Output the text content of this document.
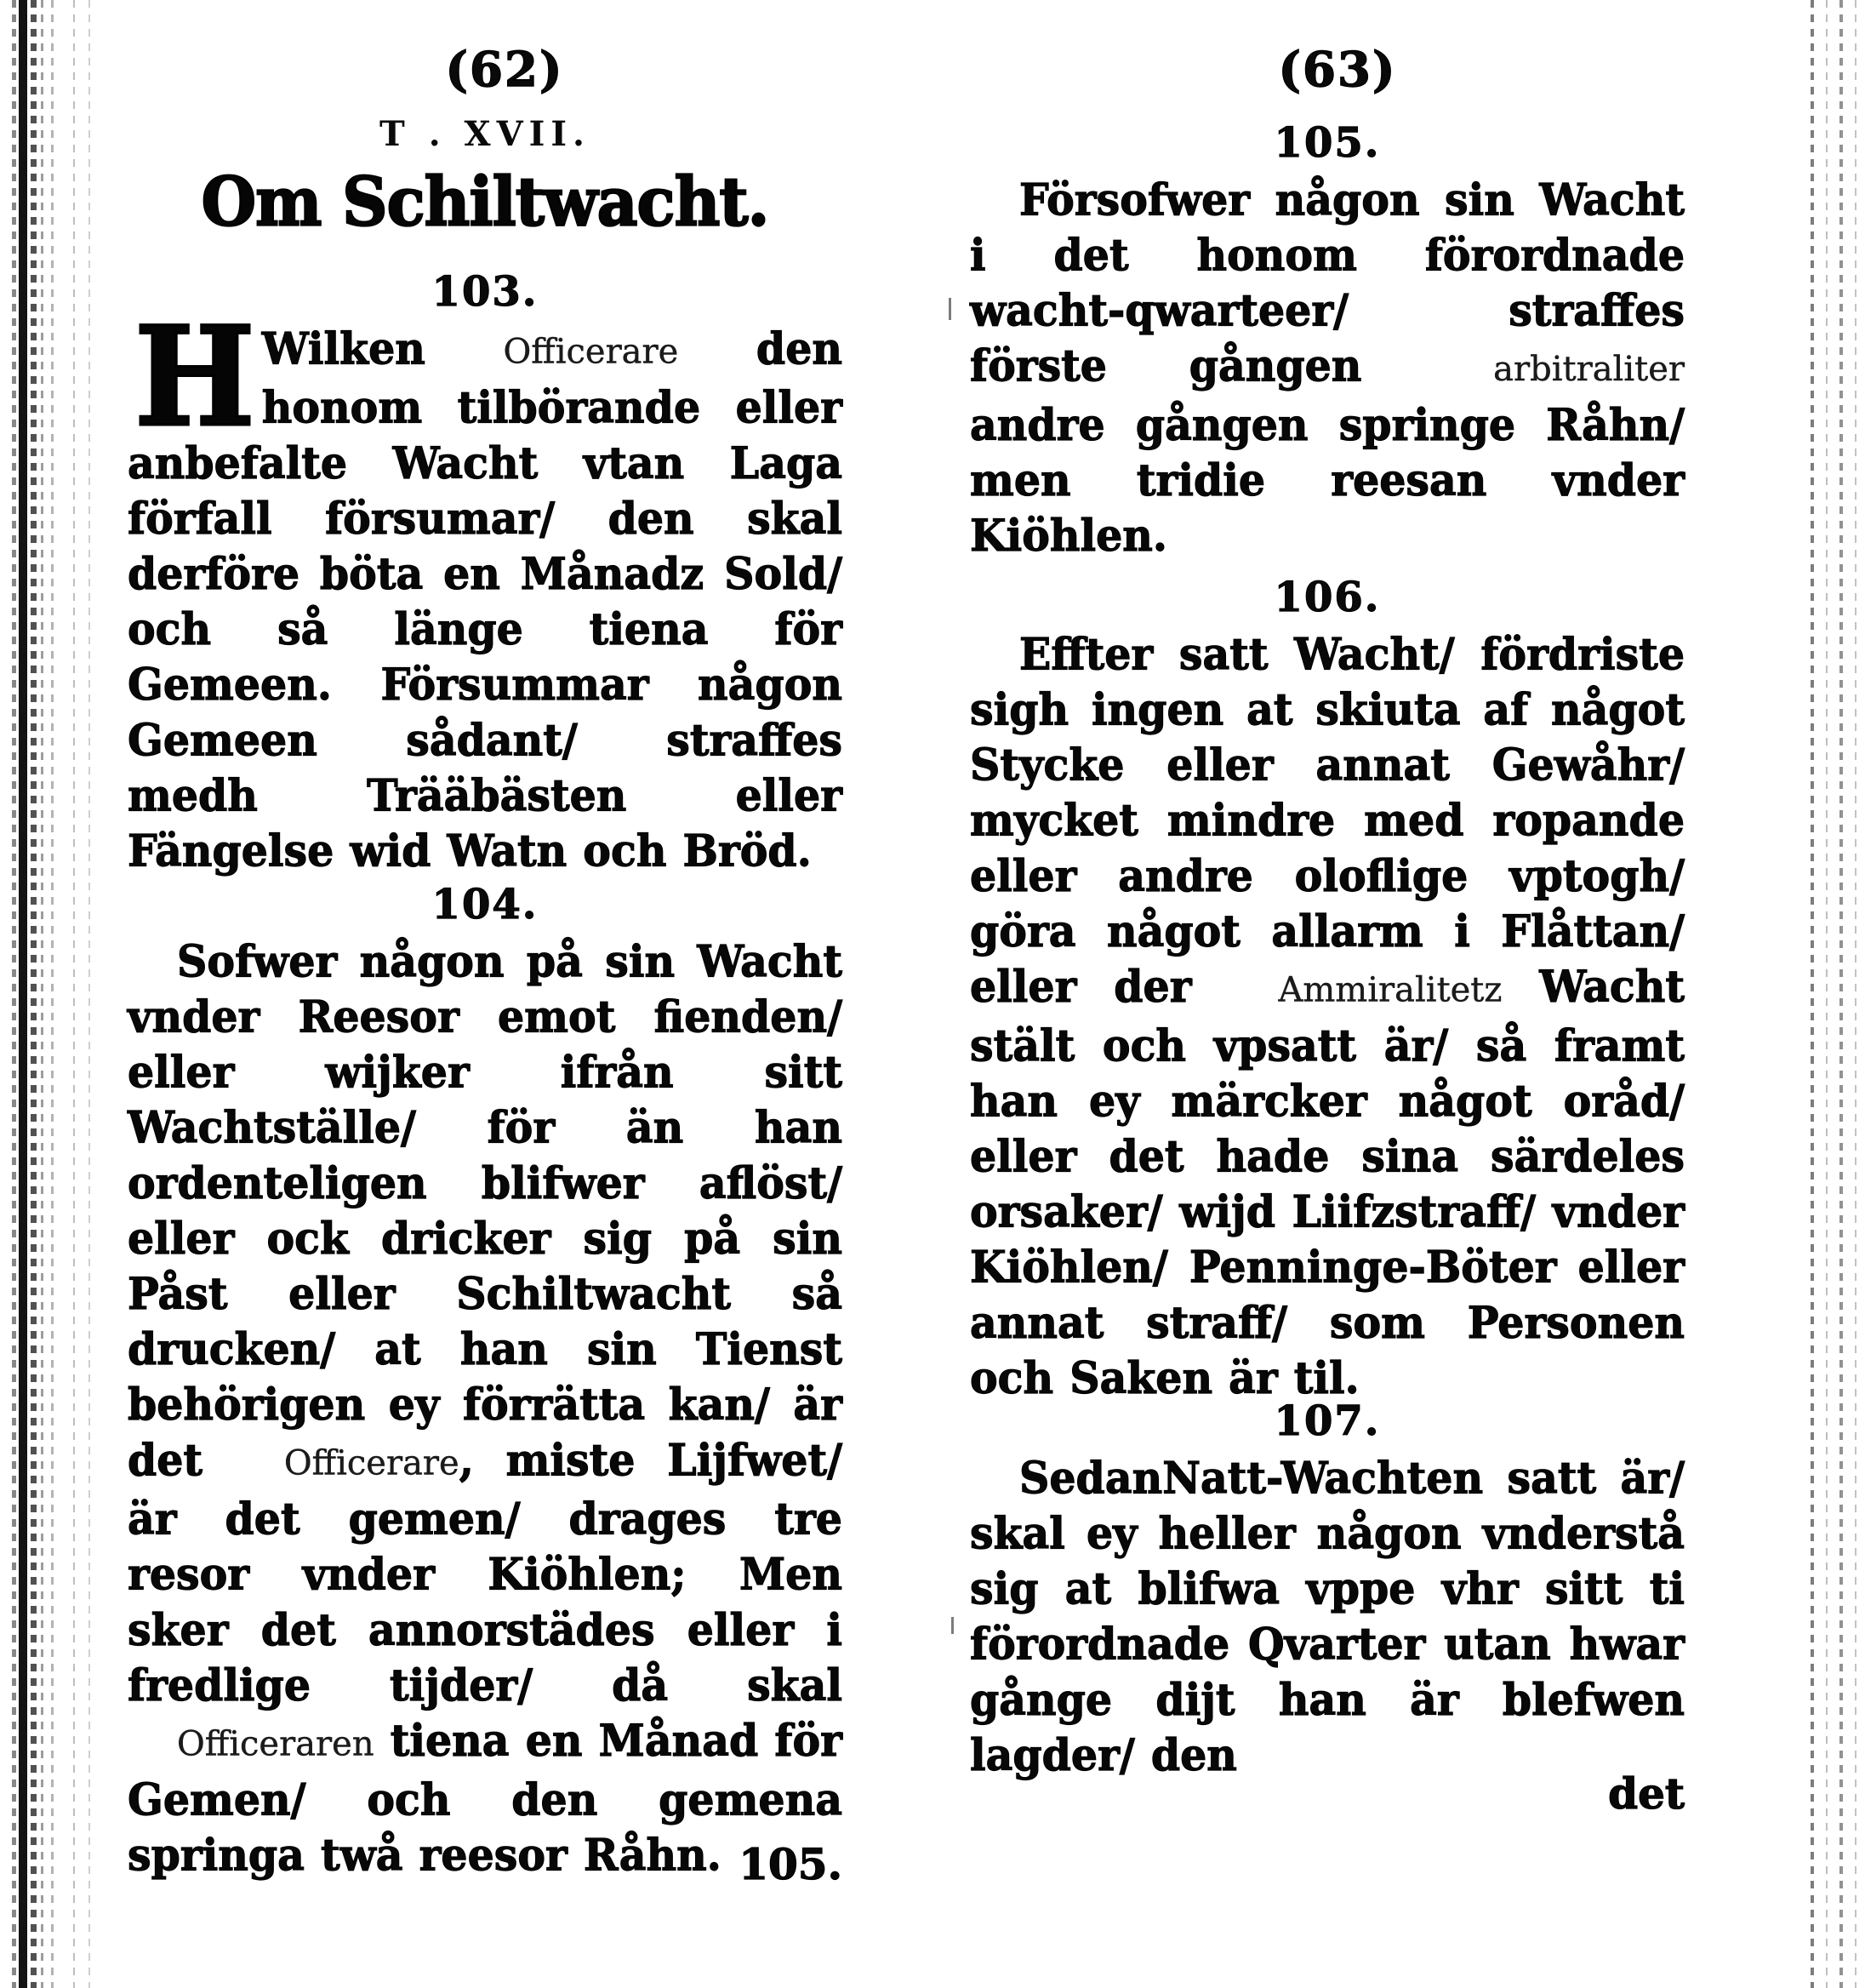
(62)
T . XVII.
Om Schiltwacht.
103.
H Wilken Officerare den honom tilbörande eller anbefalte Wacht vtan Laga förfall försumar/ den skal derföre böta en Månadz Sold/ och så länge tiena för Gemeen. Försummar någon Gemeen sådant/ straffes medh Trääbästen eller Fängelse wid Watn och Bröd.
104.
Sofwer någon på sin Wacht vnder Reesor emot fienden/ eller wijker ifrån sitt Wachtställe/ för än han ordenteligen blifwer aflöst/ eller ock dricker sig på sin Påst eller Schiltwacht så drucken/ at han sin Tienst behörigen ey förrätta kan/ är det Officerare, miste Lijfwet/ är det gemen/ drages tre resor vnder Kiöhlen; Men sker det annorstädes eller i fredlige tijder/ då skal Officeraren tiena en Månad för Gemen/ och den gemena springa twå reesor Råhn. 105.
(63)
105.
Försofwer någon sin Wacht i det honom förordnade wacht-qwarteer/ straffes förste gången arbitraliter andre gången springe Råhn/ men tridie reesan vnder Kiöhlen.
106.
Effter satt Wacht/ fördriste sigh ingen at skiuta af något Stycke eller annat Gewåhr/ mycket mindre med ropande eller andre oloflige vptogh/ göra något allarm i Flåttan/ eller der Ammiralitetz Wacht stält och vpsatt är/ så framt han ey märcker något oråd/ eller det hade sina särdeles orsaker/ wijd Liifzstraff/ vnder Kiöhlen/ Penninge-Böter eller annat straff/ som Personen och Saken är til.
107.
SedanNatt-Wachten satt är/ skal ey heller någon vnderstå sig at blifwa vppe vhr sitt ti förordnade Qvarter utan hwar gånge dijt han är blefwen lagder/ den
det
